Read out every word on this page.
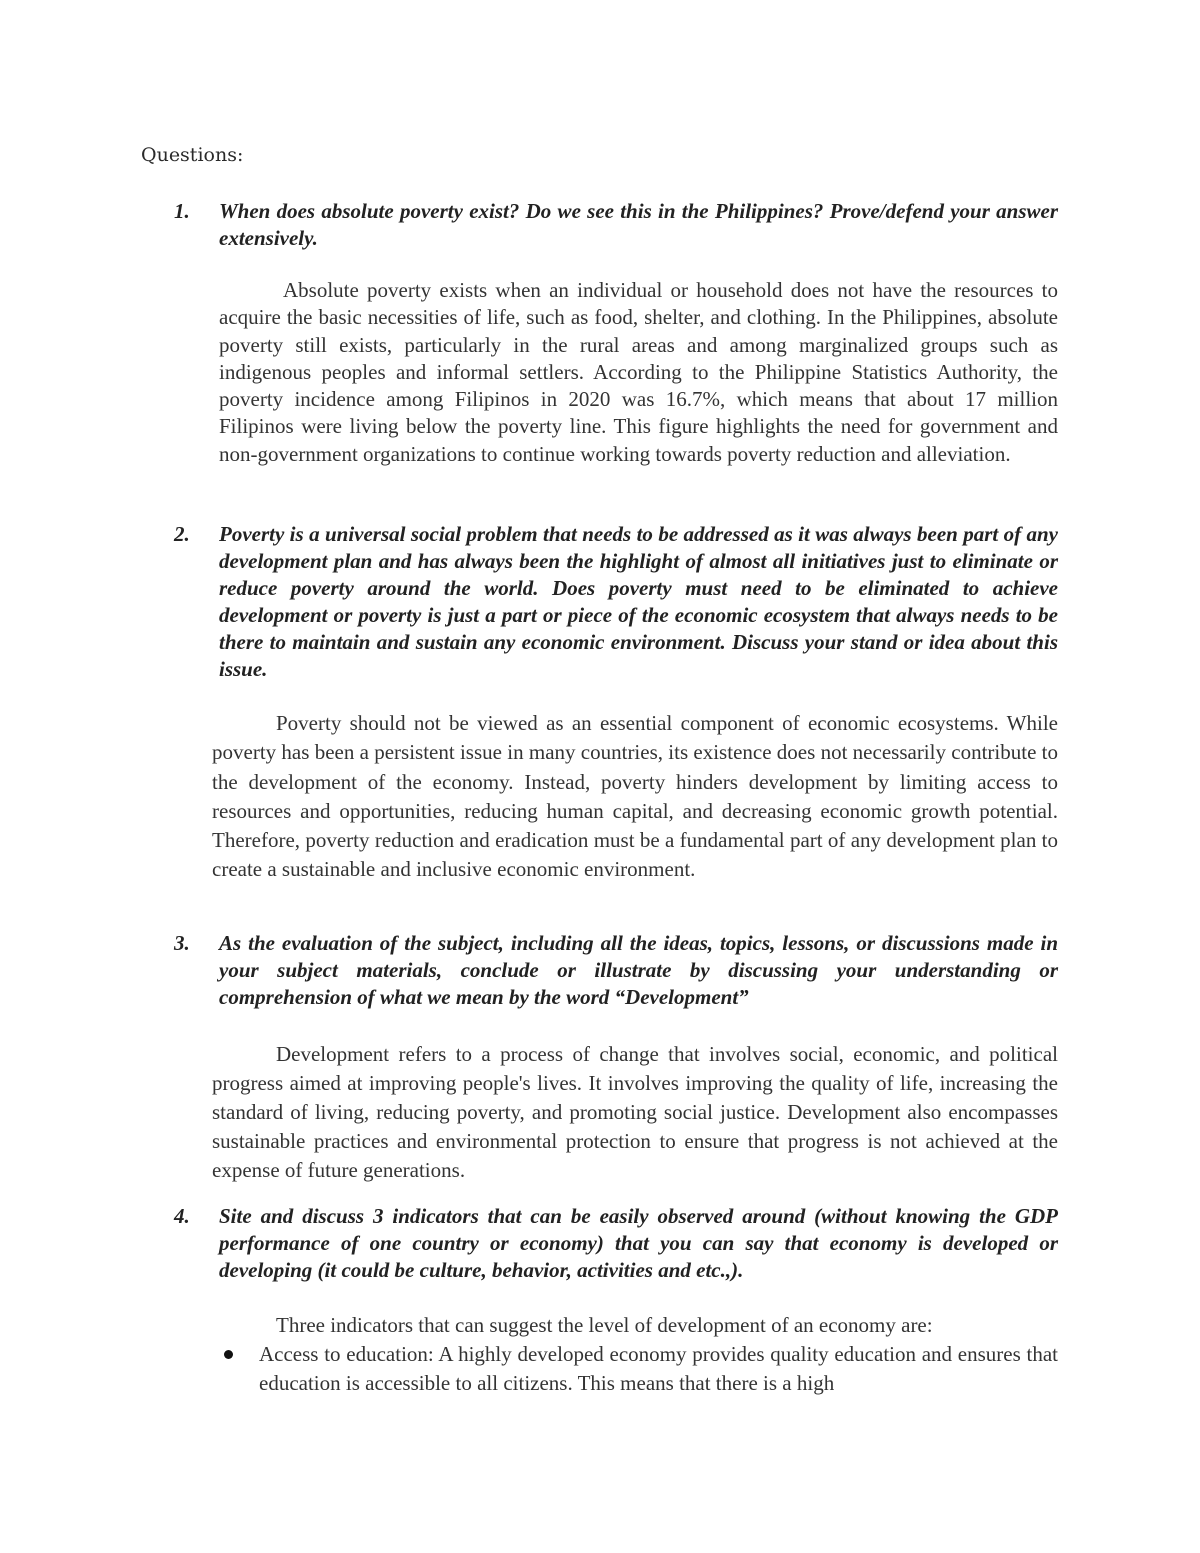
Questions:
1. When does absolute poverty exist? Do we see this in the Philippines? Prove/defend your answer extensively.
Absolute poverty exists when an individual or household does not have the resources to acquire the basic necessities of life, such as food, shelter, and clothing. In the Philippines, absolute poverty still exists, particularly in the rural areas and among marginalized groups such as indigenous peoples and informal settlers. According to the Philippine Statistics Authority, the poverty incidence among Filipinos in 2020 was 16.7%, which means that about 17 million Filipinos were living below the poverty line. This figure highlights the need for government and non-government organizations to continue working towards poverty reduction and alleviation.
2. Poverty is a universal social problem that needs to be addressed as it was always been part of any development plan and has always been the highlight of almost all initiatives just to eliminate or reduce poverty around the world. Does poverty must need to be eliminated to achieve development or poverty is just a part or piece of the economic ecosystem that always needs to be there to maintain and sustain any economic environment. Discuss your stand or idea about this issue.
Poverty should not be viewed as an essential component of economic ecosystems. While poverty has been a persistent issue in many countries, its existence does not necessarily contribute to the development of the economy. Instead, poverty hinders development by limiting access to resources and opportunities, reducing human capital, and decreasing economic growth potential. Therefore, poverty reduction and eradication must be a fundamental part of any development plan to create a sustainable and inclusive economic environment.
3. As the evaluation of the subject, including all the ideas, topics, lessons, or discussions made in your subject materials, conclude or illustrate by discussing your understanding or comprehension of what we mean by the word “Development”
Development refers to a process of change that involves social, economic, and political progress aimed at improving people's lives. It involves improving the quality of life, increasing the standard of living, reducing poverty, and promoting social justice. Development also encompasses sustainable practices and environmental protection to ensure that progress is not achieved at the expense of future generations.
4. Site and discuss 3 indicators that can be easily observed around (without knowing the GDP performance of one country or economy) that you can say that economy is developed or developing (it could be culture, behavior, activities and etc.,).
Three indicators that can suggest the level of development of an economy are:
Access to education: A highly developed economy provides quality education and ensures that education is accessible to all citizens. This means that there is a high
